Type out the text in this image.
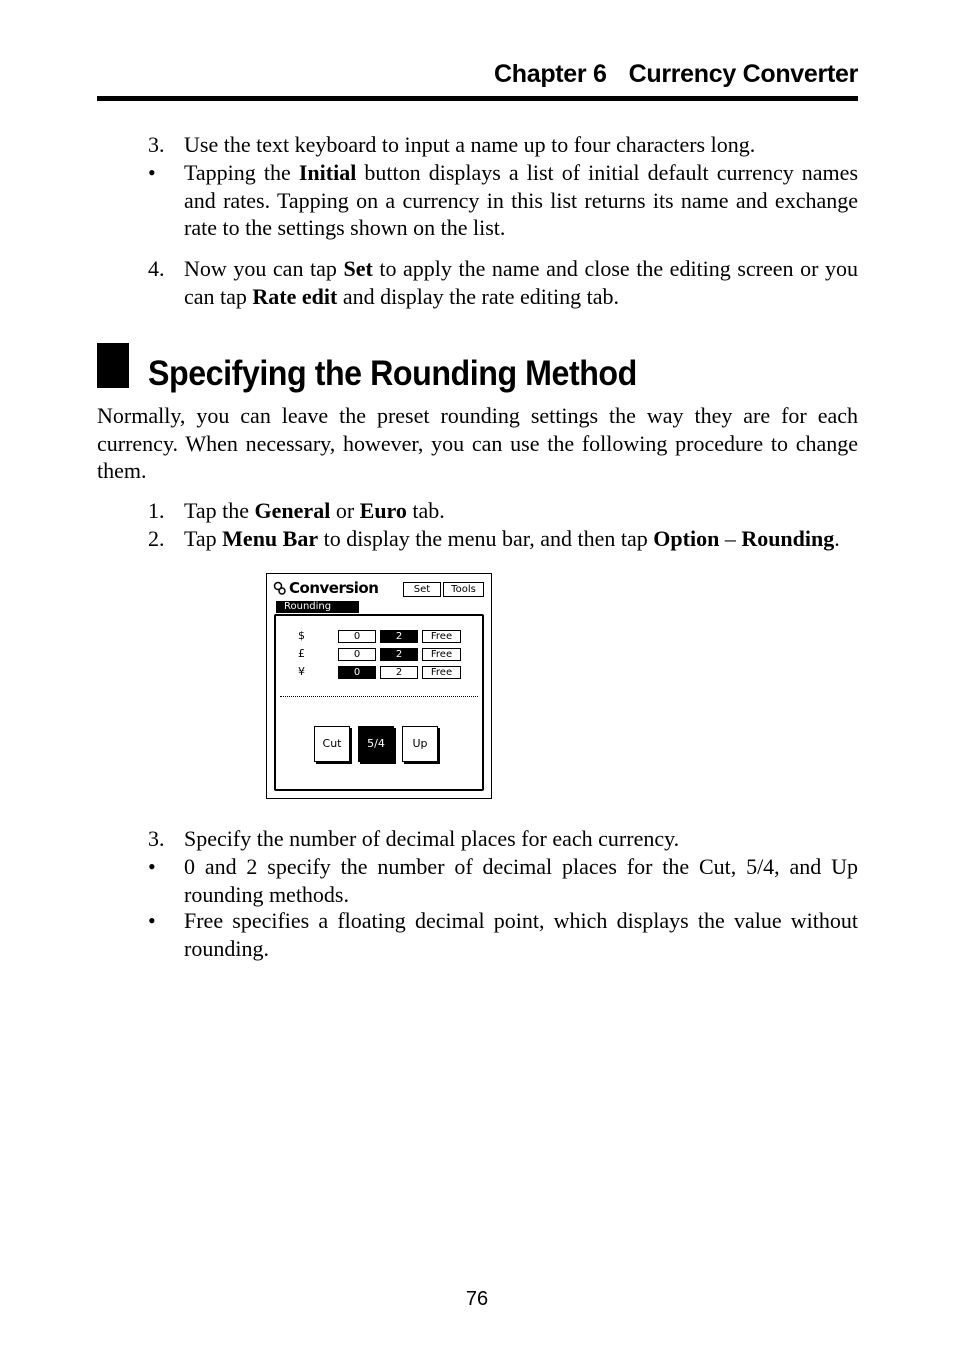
Chapter 6 Currency Converter
3. Use the text keyboard to input a name up to four characters long.
•	Tapping the Initial button displays a list of initial default currency names and rates. Tapping on a currency in this list returns its name and exchange rate to the settings shown on the list.
4. Now you can tap Set to apply the name and close the editing screen or you can tap Rate edit and display the rate editing tab.
Specifying the Rounding Method
Normally, you can leave the preset rounding settings the way they are for each currency. When necessary, however, you can use the following procedure to change them.
1. Tap the General or Euro tab.
2. Tap Menu Bar to display the menu bar, and then tap Option – Rounding.
Conversion	Set	Tools
Rounding
$	0	2	Free
£	0	2	Free
¥	0	2	Free
Cut	5/4	Up
3. Specify the number of decimal places for each currency.
•	0 and 2 specify the number of decimal places for the Cut, 5/4, and Up rounding methods.
•	Free specifies a floating decimal point, which displays the value without rounding.
76
